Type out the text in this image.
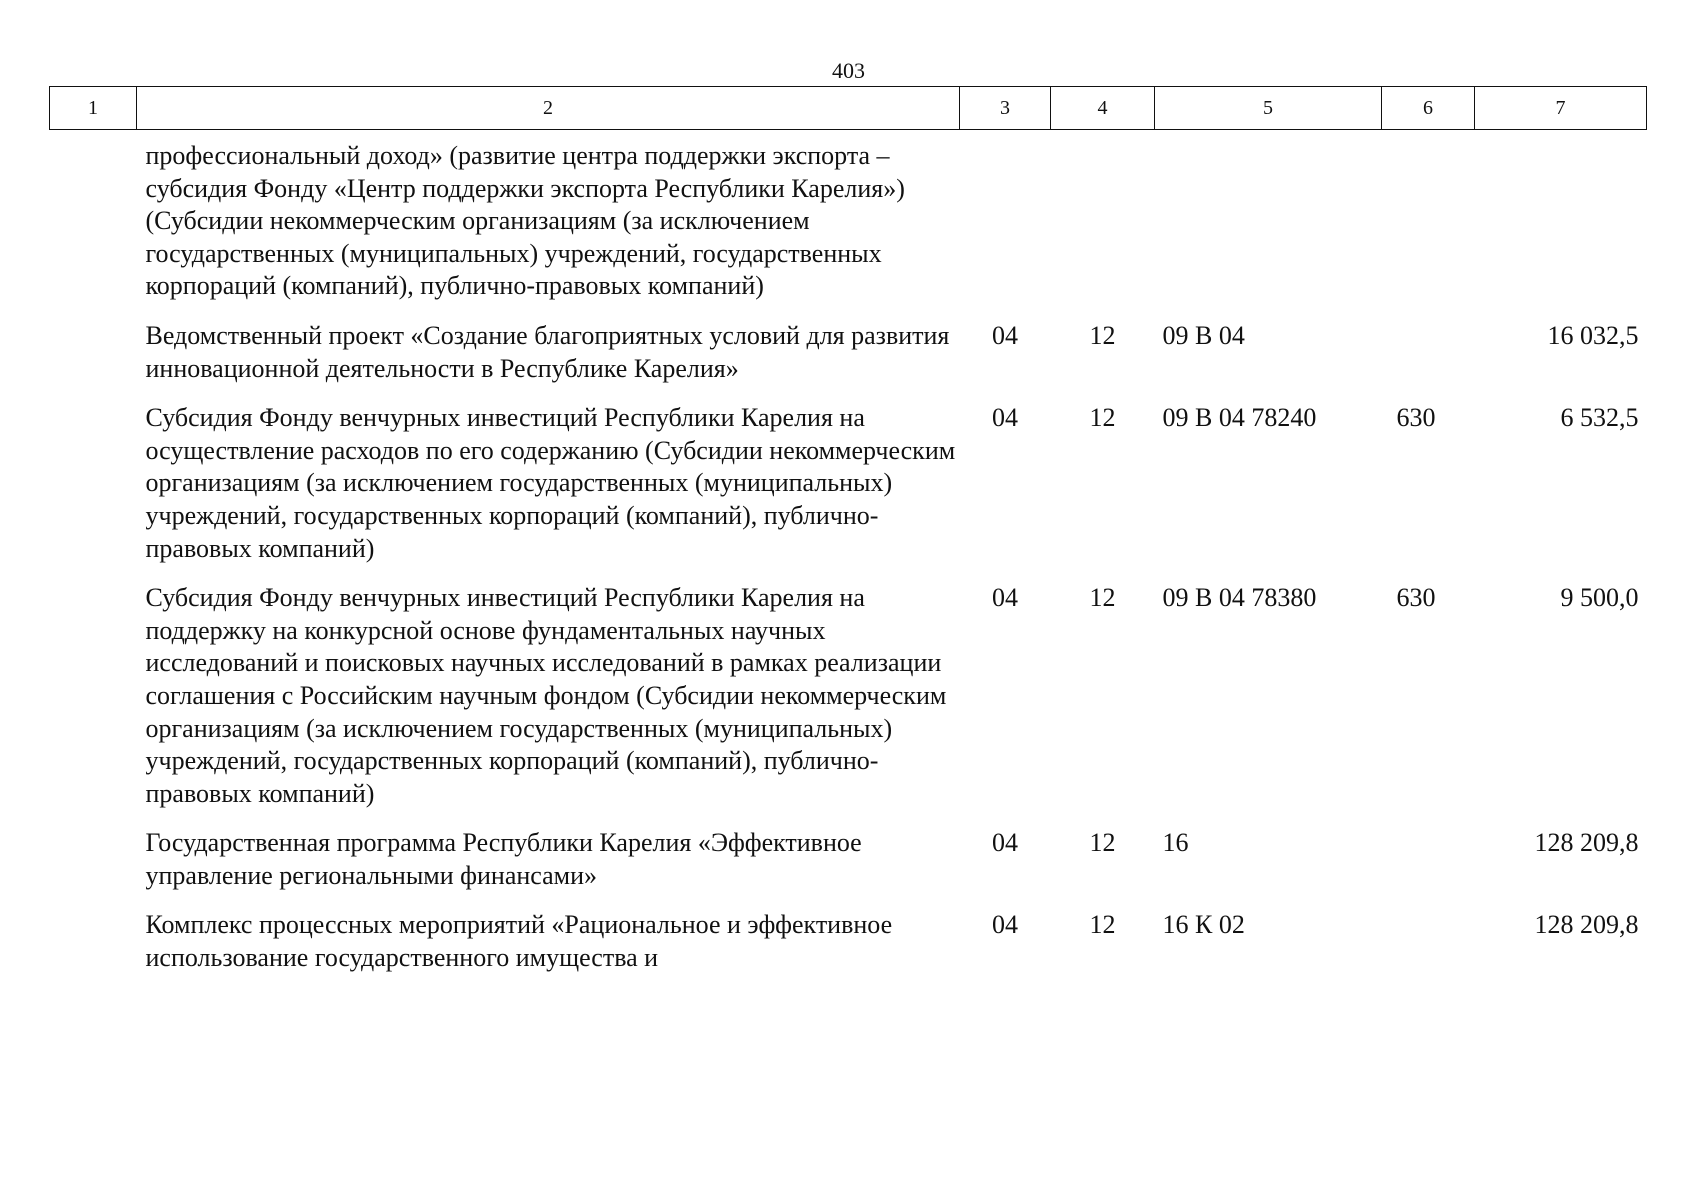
403
1	2	3	4	5	6	7
	профессиональный доход» (развитие центра поддержки экспорта – субсидия Фонду «Центр поддержки экспорта Республики Карелия») (Субсидии некоммерческим организациям (за исключением государственных (муниципальных) учреждений, государственных корпораций (компаний), публично-правовых компаний)					
	Ведомственный проект «Создание благоприятных условий для развития инновационной деятельности в Республике Карелия»	04	12	09 В 04		16 032,5
	Субсидия Фонду венчурных инвестиций Республики Карелия на осуществление расходов по его содержанию (Субсидии некоммерческим организациям (за исключением государственных (муниципальных) учреждений, государственных корпораций (компаний), публично-правовых компаний)	04	12	09 В 04 78240	630	6 532,5
	Субсидия Фонду венчурных инвестиций Республики Карелия на поддержку на конкурсной основе фундаментальных научных исследований и поисковых научных исследований в рамках реализации соглашения с Российским научным фондом (Субсидии некоммерческим организациям (за исключением государственных (муниципальных) учреждений, государственных корпораций (компаний), публично-правовых компаний)	04	12	09 В 04 78380	630	9 500,0
	Государственная программа Республики Карелия «Эффективное управление региональными финансами»	04	12	16		128 209,8
	Комплекс процессных мероприятий «Рациональное и эффективное использование государственного имущества и	04	12	16 К 02		128 209,8
